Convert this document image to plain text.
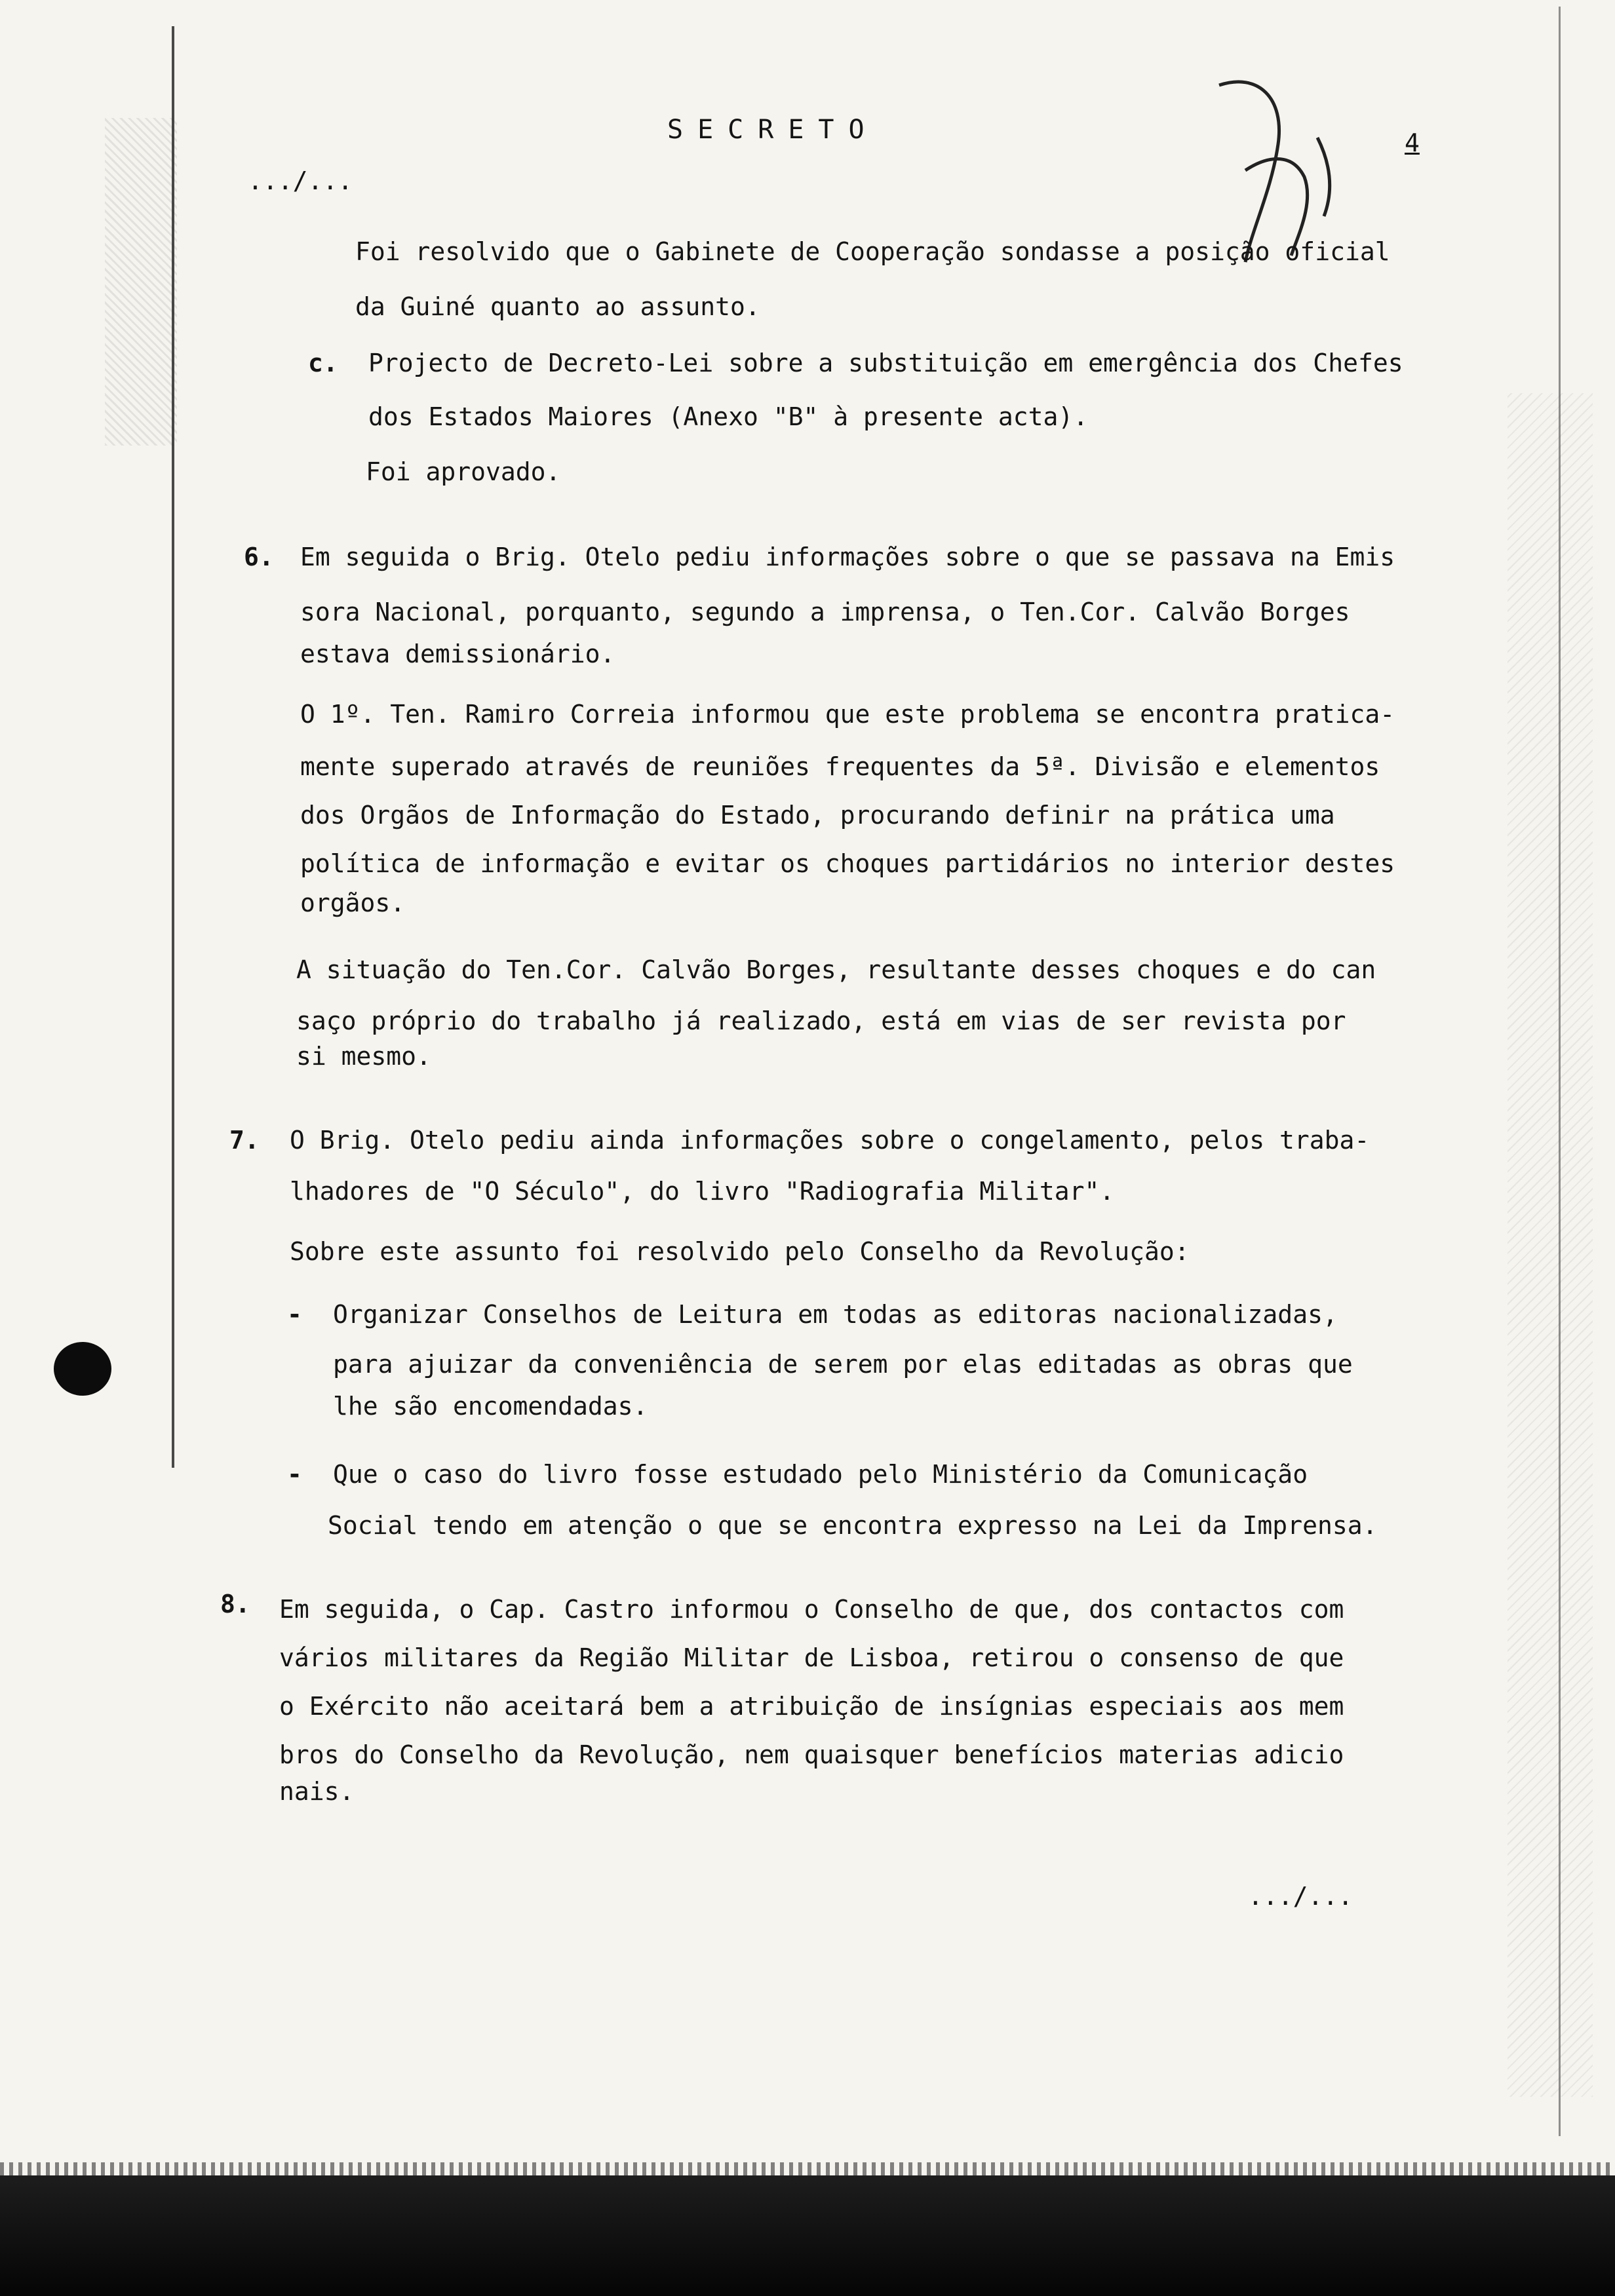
SECRETO	4
.../...
Foi resolvido que o Gabinete de Cooperação sondasse a posição oficial
da Guiné quanto ao assunto.
c. Projecto de Decreto-Lei sobre a substituição em emergência dos Chefes
dos Estados Maiores (Anexo "B" à presente acta).
Foi aprovado.
6. Em seguida o Brig. Otelo pediu informações sobre o que se passava na Emis
sora Nacional, porquanto, segundo a imprensa, o Ten.Cor. Calvão Borges
estava demissionário.
O 1º. Ten. Ramiro Correia informou que este problema se encontra pratica-
mente superado através de reuniões frequentes da 5ª. Divisão e elementos
dos Orgãos de Informação do Estado, procurando definir na prática uma
política de informação e evitar os choques partidários no interior destes
orgãos.
A situação do Ten.Cor. Calvão Borges, resultante desses choques e do can
saço próprio do trabalho já realizado, está em vias de ser revista por
si mesmo.
7. O Brig. Otelo pediu ainda informações sobre o congelamento, pelos traba-
lhadores de "O Século", do livro "Radiografia Militar".
Sobre este assunto foi resolvido pelo Conselho da Revolução:
- Organizar Conselhos de Leitura em todas as editoras nacionalizadas,
para ajuizar da conveniência de serem por elas editadas as obras que
lhe são encomendadas.
- Que o caso do livro fosse estudado pelo Ministério da Comunicação
Social tendo em atenção o que se encontra expresso na Lei da Imprensa.
8. Em seguida, o Cap. Castro informou o Conselho de que, dos contactos com
vários militares da Região Militar de Lisboa, retirou o consenso de que
o Exército não aceitará bem a atribuição de insígnias especiais aos mem
bros do Conselho da Revolução, nem quaisquer benefícios materias adicio
nais.
.../...
